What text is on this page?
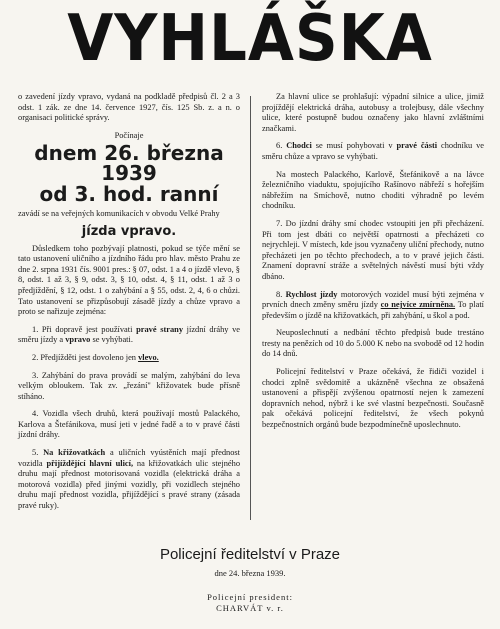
VYHLÁŠKA

o zavedení jízdy vpravo, vydaná na podkladě předpisů čl. 2 a 3 odst. 1 zák. ze dne 14. července 1927, čís. 125 Sb. z. a n. o organisaci politické správy.

Počínaje

dnem 26. března 1939
od 3. hod. ranní

zavádí se na veřejných komunikacích v obvodu Velké Prahy

jízda vpravo.

Důsledkem toho pozbývají platnosti, pokud se týče mění se tato ustanovení uličního a jízdního řádu pro hlav. město Prahu ze dne 2. srpna 1931 čís. 9001 pres.: § 07, odst. 1 a 4 o jízdě vlevo, § 8, odst. 1 až 3, § 9, odst. 3, § 10, odst. 4, § 11, odst. 1 až 3 o předjíždění, § 12, odst. 1 o zahýbání a § 55, odst. 2, 4, 6 o chůzi. Tato ustanovení se přizpůsobují zásadě jízdy a chůze vpravo a proto se nařizuje zejména:

1. Při dopravě jest používati pravé strany jízdní dráhy ve směru jízdy a vpravo se vyhýbati.

2. Předjížděti jest dovoleno jen vlevo.

3. Zahýbání do prava provádí se malým, zahýbání do leva velkým obloukem. Tak zv. „řezání" křižovatek bude přísně stíháno.

4. Vozidla všech druhů, která používají mostů Palackého, Karlova a Štefánikova, musí jeti v jedné řadě a to v pravé části jízdní dráhy.

5. Na křižovatkách a uličních vyústěních mají přednost vozidla přijíždějící hlavní ulicí, na křižovatkách ulic stejného druhu mají přednost motorisovaná vozidla (elektrická dráha a motorová vozidla) před jinými vozidly, při vozidlech stejného druhu mají přednost vozidla, přijíždějící s pravé strany (zásada pravé ruky).

Za hlavní ulice se prohlašují: výpadní silnice a ulice, jimiž projíždějí elektrická dráha, autobusy a trolejbusy, dále všechny ulice, které postupně budou označeny jako hlavní zvláštními značkami.

6. Chodci se musí pohybovati v pravé části chodníku ve směru chůze a vpravo se vyhýbati.

Na mostech Palackého, Karlově, Štefánikově a na lávce železničního viaduktu, spojujícího Rašínovo nábřeží s hořejším nábřežím na Smíchově, nutno choditi výhradně po levém chodníku.

7. Do jízdní dráhy smí chodec vstoupiti jen při přecházení. Při tom jest dbáti co největší opatrnosti a přecházeti co nejrychleji. V místech, kde jsou vyznačeny uliční přechody, nutno přecházeti jen po těchto přechodech, a to v pravé jejich části. Znamení dopravní stráže a světelných návěstí musí býti vždy dbáno.

8. Rychlost jízdy motorových vozidel musí býti zejména v prvních dnech změny směru jízdy co nejvíce zmírněna. To platí především o jízdě na křižovatkách, při zahýbání, u škol a pod.

Neuposlechnutí a nedbání těchto předpisů bude trestáno tresty na penězích od 10 do 5.000 K nebo na svobodě od 12 hodin do 14 dnů.

Policejní ředitelství v Praze očekává, že řidiči vozidel i chodci zplně svědomitě a ukázněně všechna ze obsažená ustanovení a přispějí zvýšenou opatrností nejen k zamezení dopravních nehod, nýbrž i ke své vlastní bezpečnosti. Současně pak očekává policejní ředitelství, že všech pokynů bezpečnostních orgánů bude bezpodmínečně uposlechnuto.

Policejní ředitelství v Praze
dne 24. března 1939.
Policejní president:
CHARVÁT v. r.
